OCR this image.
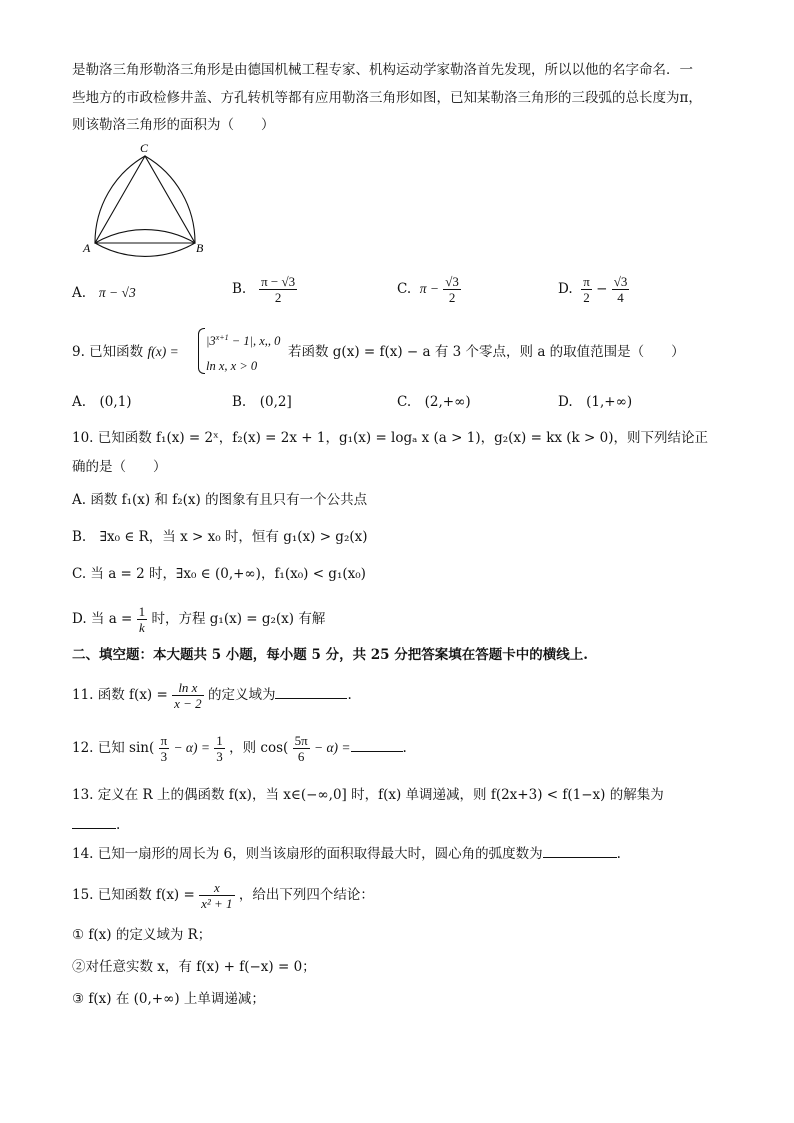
是勒洛三角形勒洛三角形是由德国机械工程专家、机构运动学家勒洛首先发现，所以以他的名字命名．一
些地方的市政检修井盖、方孔转机等都有应用勒洛三角形如图，已知某勒洛三角形的三段弧的总长度为π，
则该勒洛三角形的面积为（　　）
C
A	B
A. π − √3	B. $\frac{\pi - √3}{2}$	C. $\pi - \frac{√3}{2}$	D. $\frac{\pi}{2} - \frac{√3}{4}$
9. 已知函数 f(x) =
$|3^{x+1} - 1|$, x,, 0
ln x, x > 0
若函数 g(x) = f(x) − a 有 3 个零点，则 a 的取值范围是（　　）
A.　(0,1)	B.　(0,2]	C.　(2,+∞)	D.　(1,+∞)
10. 已知函数 f₁(x) = 2ˣ，f₂(x) = 2x + 1，g₁(x) = logₐ x (a > 1)，g₂(x) = kx (k > 0)，则下列结论正
确的是（　　）
A. 函数 f₁(x) 和 f₂(x) 的图象有且只有一个公共点
B.　∃x₀ ∈ R，当 x > x₀ 时，恒有 g₁(x) > g₂(x)
C. 当 a = 2 时，∃x₀ ∈ (0,+∞)，f₁(x₀) < g₁(x₀)
D. 当 $a = \frac{1}{k}$ 时，方程 g₁(x) = g₂(x) 有解
二、填空题：本大题共 5 小题，每小题 5 分，共 25 分把答案填在答题卡中的横线上.
11. 函数 $f(x) = \frac{\text{ln x}}{x - 2}$ 的定义域为	.
12. 已知 $\sin( \frac{\pi}{3} - \alpha) = \frac{1}{3}$ ，则 $\cos( \frac{5\pi}{6} - \alpha)$ =	.
13. 定义在 R 上的偶函数 f(x)，当 x∈(−∞,0] 时，f(x) 单调递减，则 f(2x+3) < f(1−x) 的解集为
.
14. 已知一扇形的周长为 6，则当该扇形的面积取得最大时，圆心角的弧度数为	.
15. 已知函数 $f(x) = \frac{x}{\text{x² + 1}}$ ，给出下列四个结论：
① f(x) 的定义域为 R；
②对任意实数 x，有 f(x) + f(−x) = 0；
③ f(x) 在 (0,+∞) 上单调递减；
